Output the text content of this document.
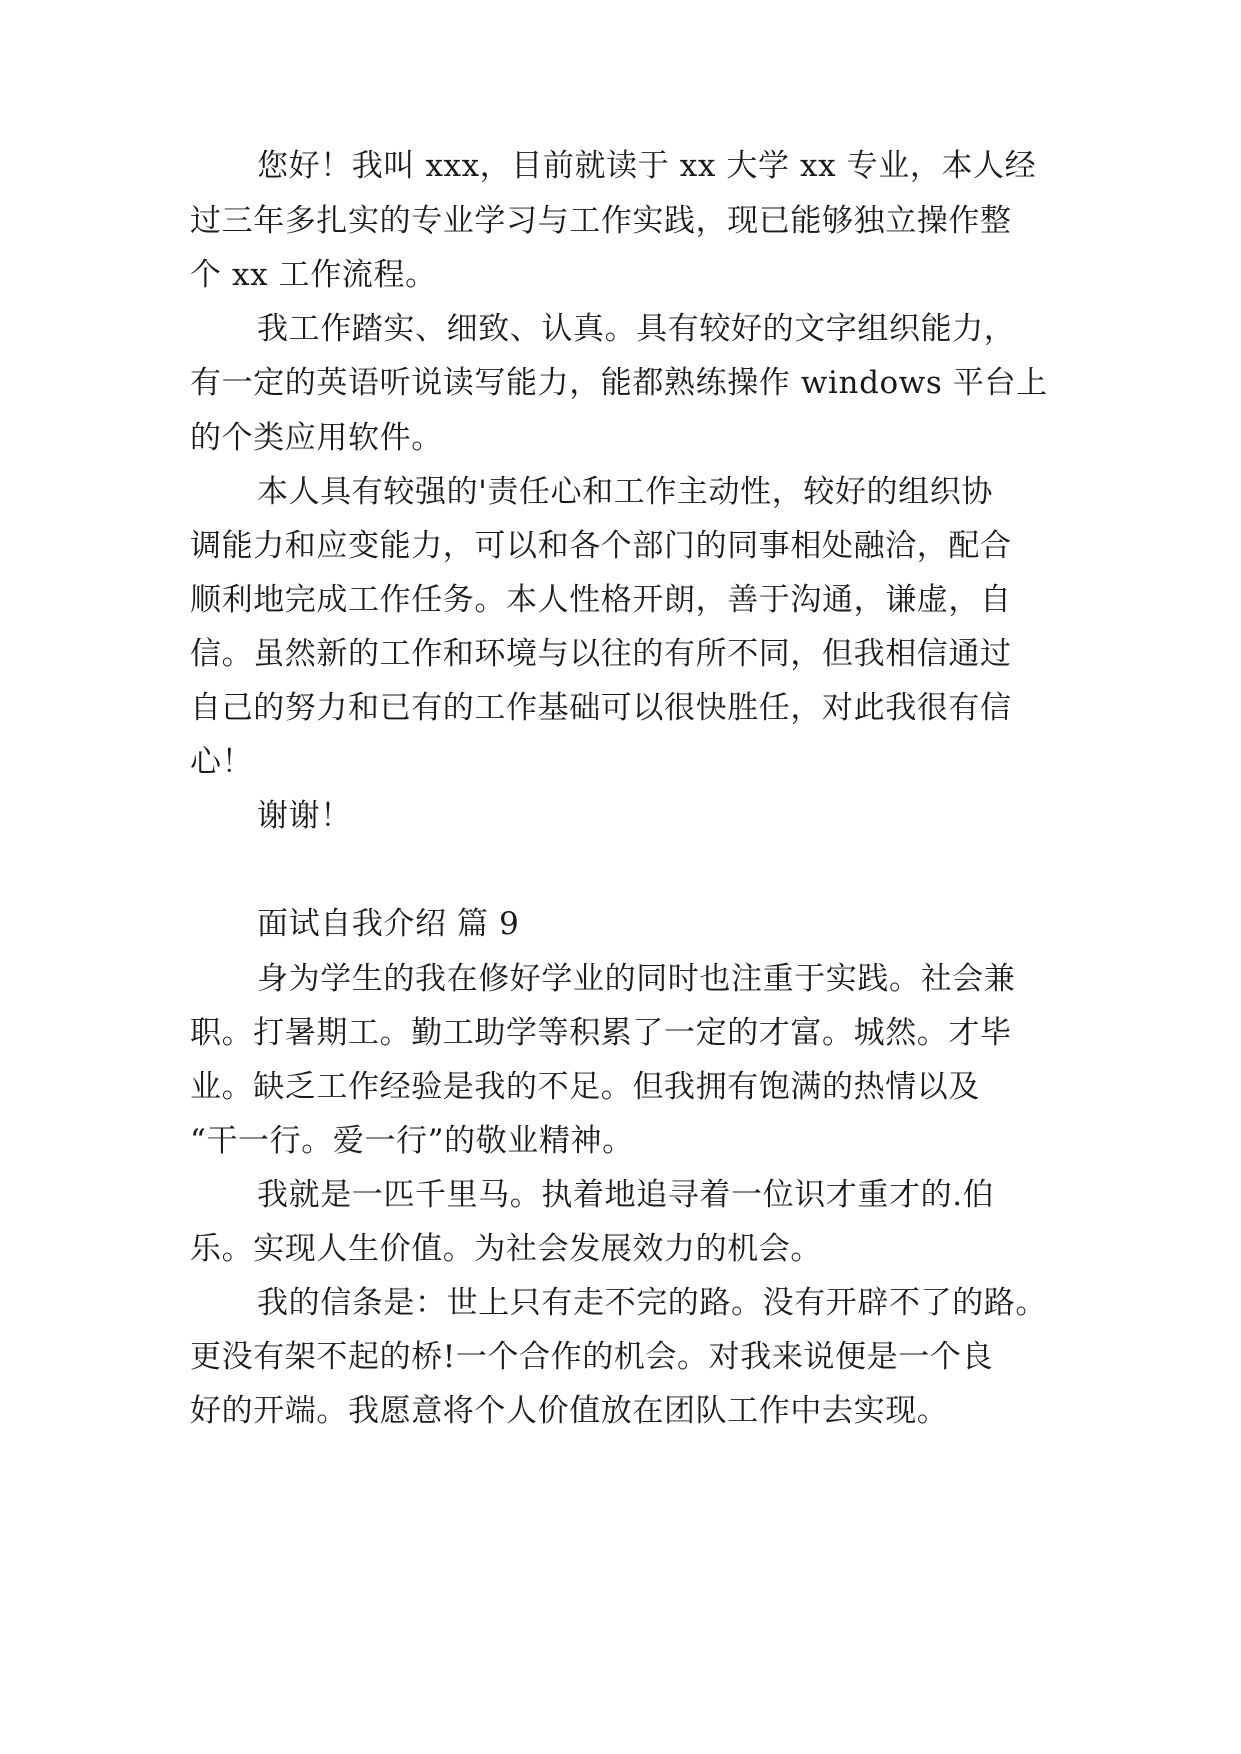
您好！我叫 xxx，目前就读于 xx 大学 xx 专业，本人经
过三年多扎实的专业学习与工作实践，现已能够独立操作整
个 xx 工作流程。
我工作踏实、细致、认真。具有较好的文字组织能力，
有一定的英语听说读写能力，能都熟练操作 windows 平台上
的个类应用软件。
本人具有较强的'责任心和工作主动性，较好的组织协
调能力和应变能力，可以和各个部门的同事相处融洽，配合
顺利地完成工作任务。本人性格开朗，善于沟通，谦虚，自
信。虽然新的工作和环境与以往的有所不同，但我相信通过
自己的努力和已有的工作基础可以很快胜任，对此我很有信
心！
谢谢！
面试自我介绍 篇 9
身为学生的我在修好学业的同时也注重于实践。社会兼
职。打暑期工。勤工助学等积累了一定的才富。城然。才毕
业。缺乏工作经验是我的不足。但我拥有饱满的热情以及
“干一行。爱一行”的敬业精神。
我就是一匹千里马。执着地追寻着一位识才重才的.伯
乐。实现人生价值。为社会发展效力的机会。
我的信条是：世上只有走不完的路。没有开辟不了的路。
更没有架不起的桥!一个合作的机会。对我来说便是一个良
好的开端。我愿意将个人价值放在团队工作中去实现。
